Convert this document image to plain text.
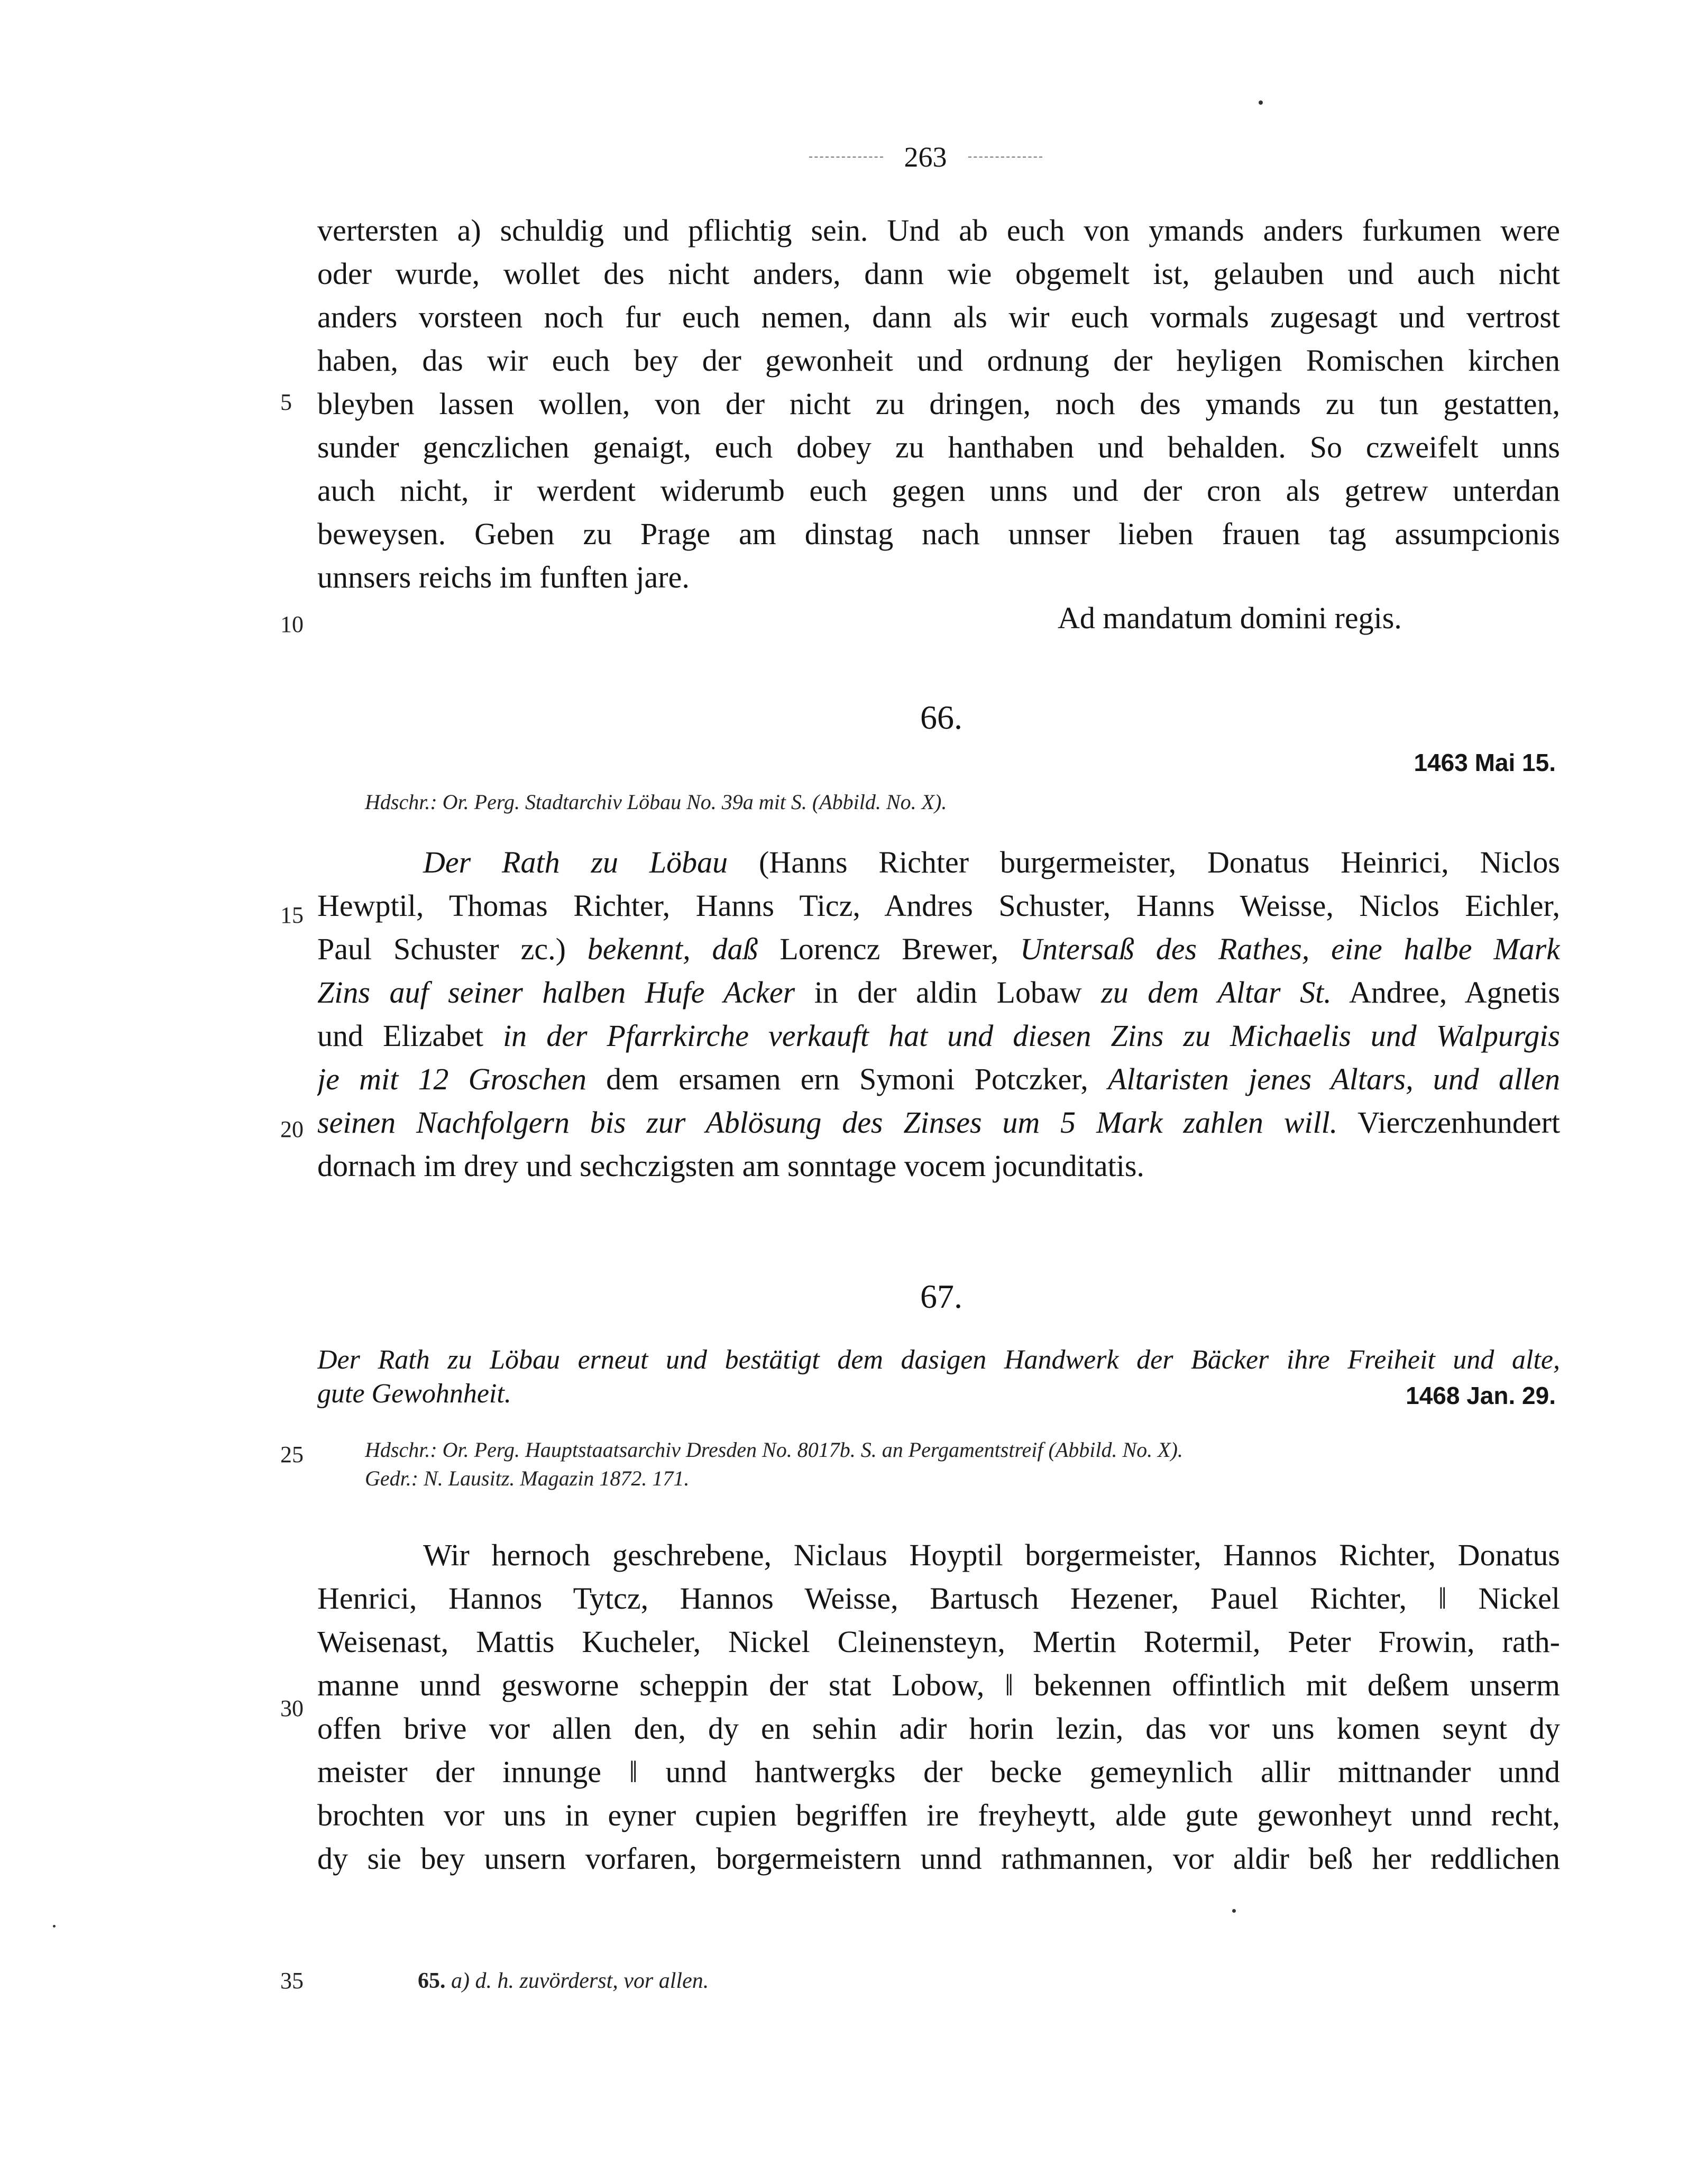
263
vertersten a) schuldig und pflichtig sein. Und ab euch von ymands anders furkumen were
oder wurde, wollet des nicht anders, dann wie obgemelt ist, gelauben und auch nicht
anders vorsteen noch fur euch nemen, dann als wir euch vormals zugesagt und vertrost
haben, das wir euch bey der gewonheit und ordnung der heyligen Romischen kirchen
bleyben lassen wollen, von der nicht zu dringen, noch des ymands zu tun gestatten,
sunder genczlichen genaigt, euch dobey zu hanthaben und behalden. So czweifelt unns
auch nicht, ir werdent widerumb euch gegen unns und der cron als getrew unterdan
beweysen. Geben zu Prage am dinstag nach unnser lieben frauen tag assumpcionis
unnsers reichs im funften jare.
Ad mandatum domini regis.
66.
1463 Mai 15.
Hdschr.: Or. Perg. Stadtarchiv Löbau No. 39a mit S. (Abbild. No. X).
Der Rath zu Löbau (Hanns Richter burgermeister, Donatus Heinrici, Niclos
Hewptil, Thomas Richter, Hanns Ticz, Andres Schuster, Hanns Weisse, Niclos Eichler,
Paul Schuster zc.) bekennt, daß Lorencz Brewer, Untersaß des Rathes, eine halbe Mark
Zins auf seiner halben Hufe Acker in der aldin Lobaw zu dem Altar St. Andree, Agnetis
und Elizabet in der Pfarrkirche verkauft hat und diesen Zins zu Michaelis und Walpurgis
je mit 12 Groschen dem ersamen ern Symoni Potczker, Altaristen jenes Altars, und allen
seinen Nachfolgern bis zur Ablösung des Zinses um 5 Mark zahlen will. Vierczenhundert
dornach im drey und sechczigsten am sonntage vocem jocunditatis.
67.
Der Rath zu Löbau erneut und bestätigt dem dasigen Handwerk der Bäcker ihre Freiheit und alte,
gute Gewohnheit.	1468 Jan. 29.
Hdschr.: Or. Perg. Hauptstaatsarchiv Dresden No. 8017b. S. an Pergamentstreif (Abbild. No. X).
Gedr.: N. Lausitz. Magazin 1872. 171.
Wir hernoch geschrebene, Niclaus Hoyptil borgermeister, Hannos Richter, Donatus
Henrici, Hannos Tytcz, Hannos Weisse, Bartusch Hezener, Pauel Richter, ‖ Nickel
Weisenast, Mattis Kucheler, Nickel Cleinensteyn, Mertin Rotermil, Peter Frowin, rath-
manne unnd gesworne scheppin der stat Lobow, ‖ bekennen offintlich mit deßem unserm
offen brive vor allen den, dy en sehin adir horin lezin, das vor uns komen seynt dy
meister der innunge ‖ unnd hantwergks der becke gemeynlich allir mittnander unnd
brochten vor uns in eyner cupien begriffen ire freyheytt, alde gute gewonheyt unnd recht,
dy sie bey unsern vorfaren, borgermeistern unnd rathmannen, vor aldir beß her reddlichen
5
10
15
20
25
30
35	65. a) d. h. zuvörderst, vor allen.
